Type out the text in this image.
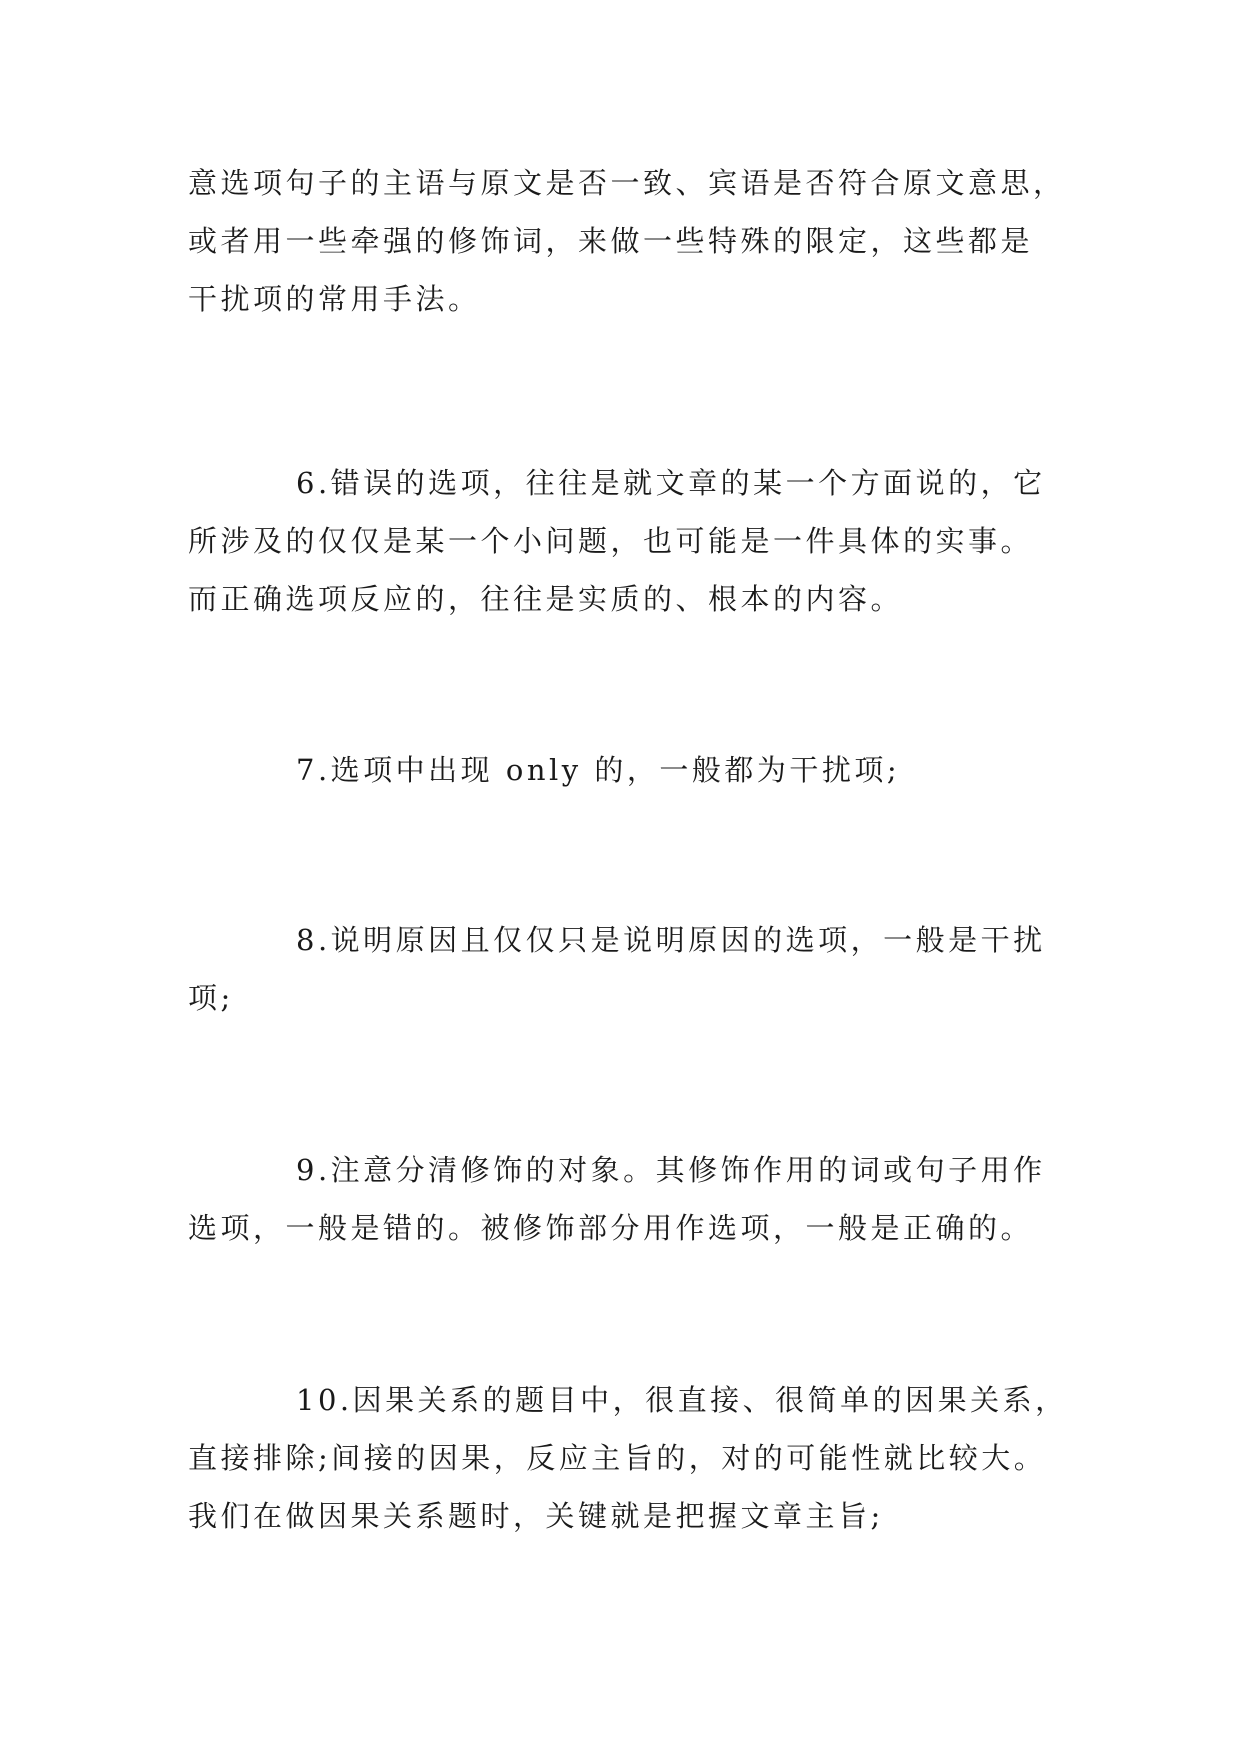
意选项句子的主语与原文是否一致、宾语是否符合原文意思，
或者用一些牵强的修饰词，来做一些特殊的限定，这些都是
干扰项的常用手法。
6.错误的选项，往往是就文章的某一个方面说的，它
所涉及的仅仅是某一个小问题，也可能是一件具体的实事。
而正确选项反应的，往往是实质的、根本的内容。
7.选项中出现 only 的，一般都为干扰项;
8.说明原因且仅仅只是说明原因的选项，一般是干扰
项;
9.注意分清修饰的对象。其修饰作用的词或句子用作
选项，一般是错的。被修饰部分用作选项，一般是正确的。
10.因果关系的题目中，很直接、很简单的因果关系，
直接排除;间接的因果，反应主旨的，对的可能性就比较大。
我们在做因果关系题时，关键就是把握文章主旨;
